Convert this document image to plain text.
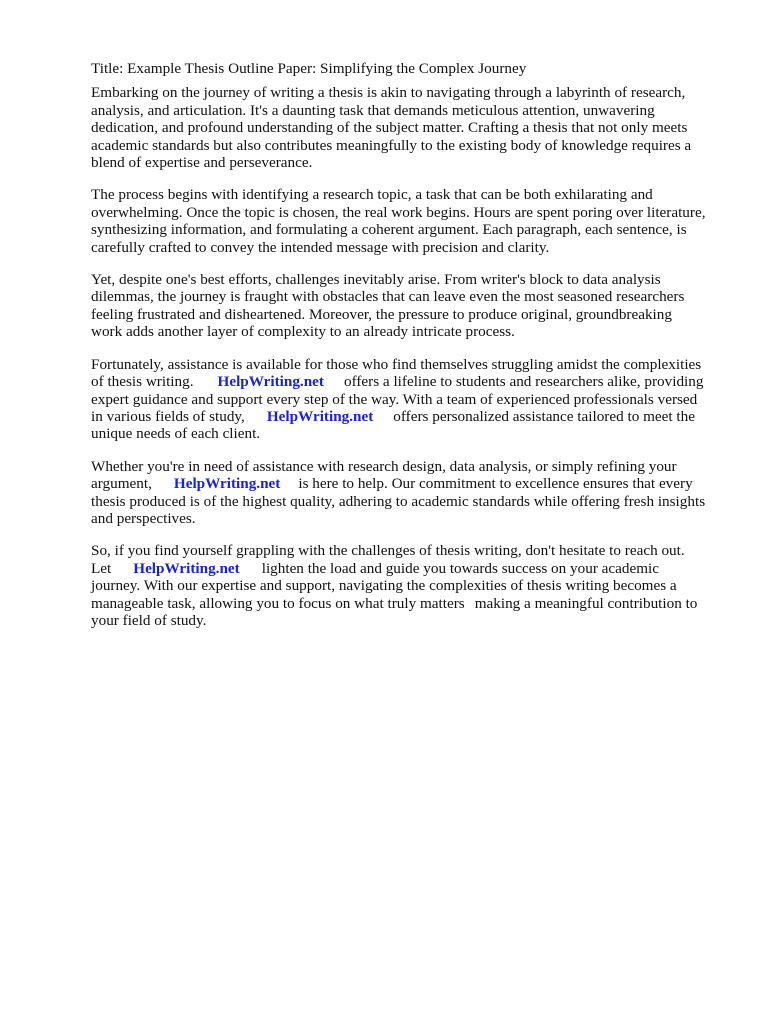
Title: Example Thesis Outline Paper: Simplifying the Complex Journey

Embarking on the journey of writing a thesis is akin to navigating through a labyrinth of research,
analysis, and articulation. It's a daunting task that demands meticulous attention, unwavering
dedication, and profound understanding of the subject matter. Crafting a thesis that not only meets
academic standards but also contributes meaningfully to the existing body of knowledge requires a
blend of expertise and perseverance.
The process begins with identifying a research topic, a task that can be both exhilarating and
overwhelming. Once the topic is chosen, the real work begins. Hours are spent poring over literature,
synthesizing information, and formulating a coherent argument. Each paragraph, each sentence, is
carefully crafted to convey the intended message with precision and clarity.
Yet, despite one's best efforts, challenges inevitably arise. From writer's block to data analysis
dilemmas, the journey is fraught with obstacles that can leave even the most seasoned researchers
feeling frustrated and disheartened. Moreover, the pressure to produce original, groundbreaking
work adds another layer of complexity to an already intricate process.
Fortunately, assistance is available for those who find themselves struggling amidst the complexities
of thesis writing. HelpWriting.net offers a lifeline to students and researchers alike, providing
expert guidance and support every step of the way. With a team of experienced professionals versed
in various fields of study, HelpWriting.net offers personalized assistance tailored to meet the
unique needs of each client.
Whether you're in need of assistance with research design, data analysis, or simply refining your
argument, HelpWriting.net is here to help. Our commitment to excellence ensures that every
thesis produced is of the highest quality, adhering to academic standards while offering fresh insights
and perspectives.
So, if you find yourself grappling with the challenges of thesis writing, don't hesitate to reach out.
Let HelpWriting.net lighten the load and guide you towards success on your academic
journey. With our expertise and support, navigating the complexities of thesis writing becomes a
manageable task, allowing you to focus on what truly matters making a meaningful contribution to
your field of study.
